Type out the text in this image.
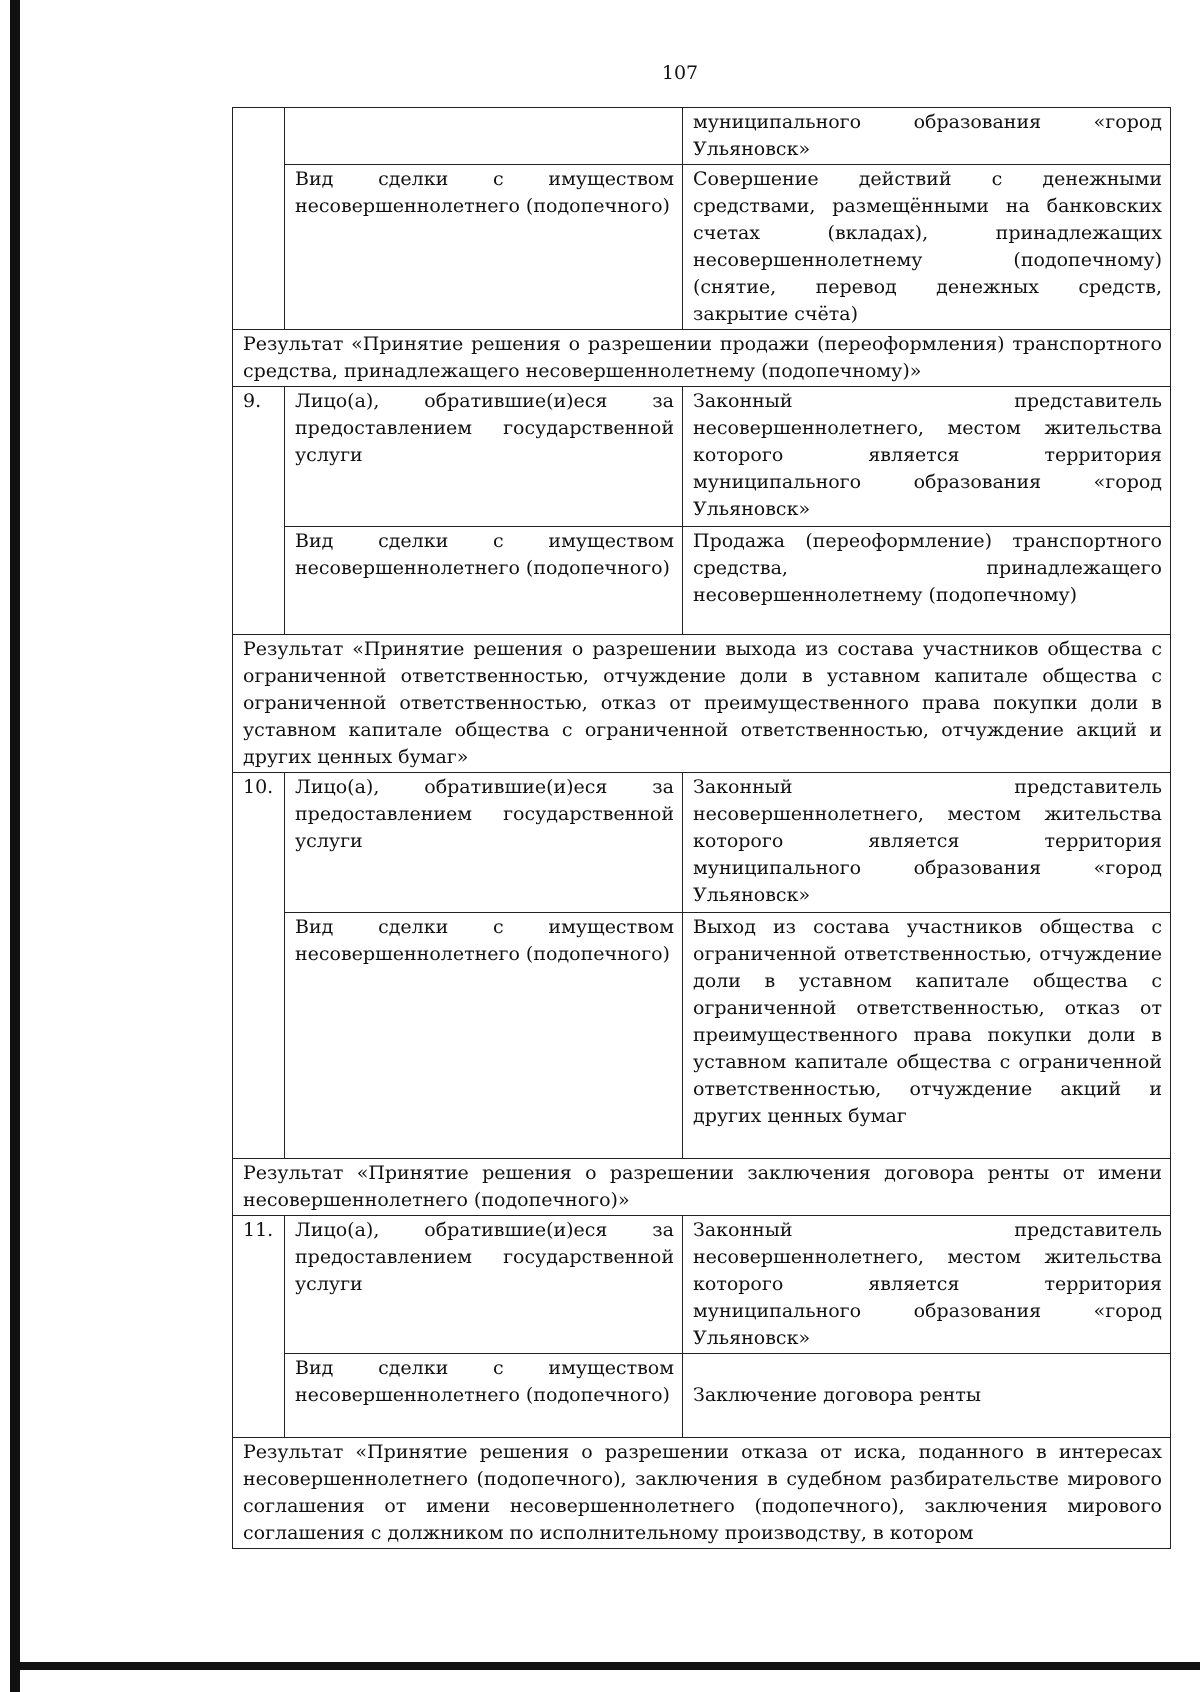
107
		муниципального образования «город Ульяновск»
	Вид сделки с имуществом несовершеннолетнего (подопечного)	Совершение действий с денежными средствами, размещёнными на банковских счетах (вкладах), принадлежащих несовершеннолетнему (подопечному) (снятие, перевод денежных средств, закрытие счёта)
Результат «Принятие решения о разрешении продажи (переоформления) транспортного средства, принадлежащего несовершеннолетнему (подопечному)»		
9.	Лицо(а), обратившие(и)еся за предоставлением государственной услуги	Законный представитель несовершеннолетнего, местом жительства которого является территория муниципального образования «город Ульяновск»
	Вид сделки с имуществом несовершеннолетнего (подопечного)	Продажа (переоформление) транспортного средства, принадлежащего несовершеннолетнему (подопечному)
Результат «Принятие решения о разрешении выхода из состава участников общества с ограниченной ответственностью, отчуждение доли в уставном капитале общества с ограниченной ответственностью, отказ от преимущественного права покупки доли в уставном капитале общества с ограниченной ответственностью, отчуждение акций и других ценных бумаг»		
10.	Лицо(а), обратившие(и)еся за предоставлением государственной услуги	Законный представитель несовершеннолетнего, местом жительства которого является территория муниципального образования «город Ульяновск»
	Вид сделки с имуществом несовершеннолетнего (подопечного)	Выход из состава участников общества с ограниченной ответственностью, отчуждение доли в уставном капитале общества с ограниченной ответственностью, отказ от преимущественного права покупки доли в уставном капитале общества с ограниченной ответственностью, отчуждение акций и других ценных бумаг
Результат «Принятие решения о разрешении заключения договора ренты от имени несовершеннолетнего (подопечного)»		
11.	Лицо(а), обратившие(и)еся за предоставлением государственной услуги	Законный представитель несовершеннолетнего, местом жительства которого является территория муниципального образования «город Ульяновск»
	Вид сделки с имуществом несовершеннолетнего (подопечного)	Заключение договора ренты
Результат «Принятие решения о разрешении отказа от иска, поданного в интересах несовершеннолетнего (подопечного), заключения в судебном разбирательстве мирового соглашения от имени несовершеннолетнего (подопечного), заключения мирового соглашения с должником по исполнительному производству, в котором		
